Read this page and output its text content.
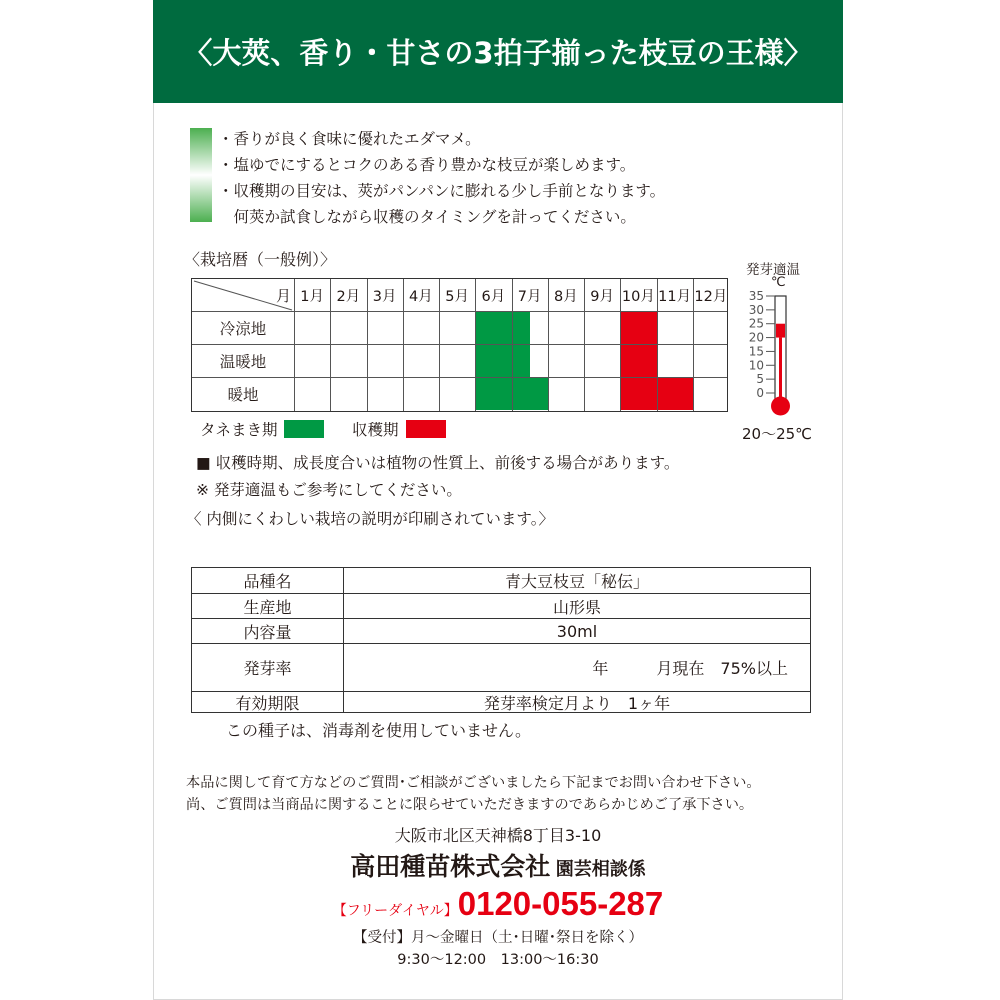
〈大莢、香り・甘さの3拍子揃った枝豆の王様〉
・香りが良く食味に優れたエダマメ。
・塩ゆでにするとコクのある香り豊かな枝豆が楽しめます。
・収穫期の目安は、莢がパンパンに膨れる少し手前となります。
　何莢か試食しながら収穫のタイミングを計ってください。
〈栽培暦（一般例）〉
月 1月 2月 3月 4月 5月 6月 7月 8月 9月 10月 11月 12月
冷涼地
温暖地
暖地
タネまき期	収穫期
発芽適温
℃
35
30
25
20
15
10
5
0
20～25℃
■ 収穫時期、成長度合いは植物の性質上、前後する場合があります。
※ 発芽適温もご参考にしてください。
〈 内側にくわしい栽培の説明が印刷されています。〉
品種名	青大豆枝豆「秘伝」
生産地	山形県
内容量	30ml
発芽率	年　　　月現在　75%以上
有効期限	発芽率検定月より　1ヶ年
この種子は、消毒剤を使用していません。
本品に関して育て方などのご質問･ご相談がございましたら下記までお問い合わせ下さい。
尚、ご質問は当商品に関することに限らせていただきますのであらかじめご了承下さい。
大阪市北区天神橋8丁目3-10
高田種苗株式会社 園芸相談係
【フリーダイヤル】0120-055-287
【受付】月～金曜日（土･日曜･祭日を除く）
9:30～12:00　13:00～16:30
